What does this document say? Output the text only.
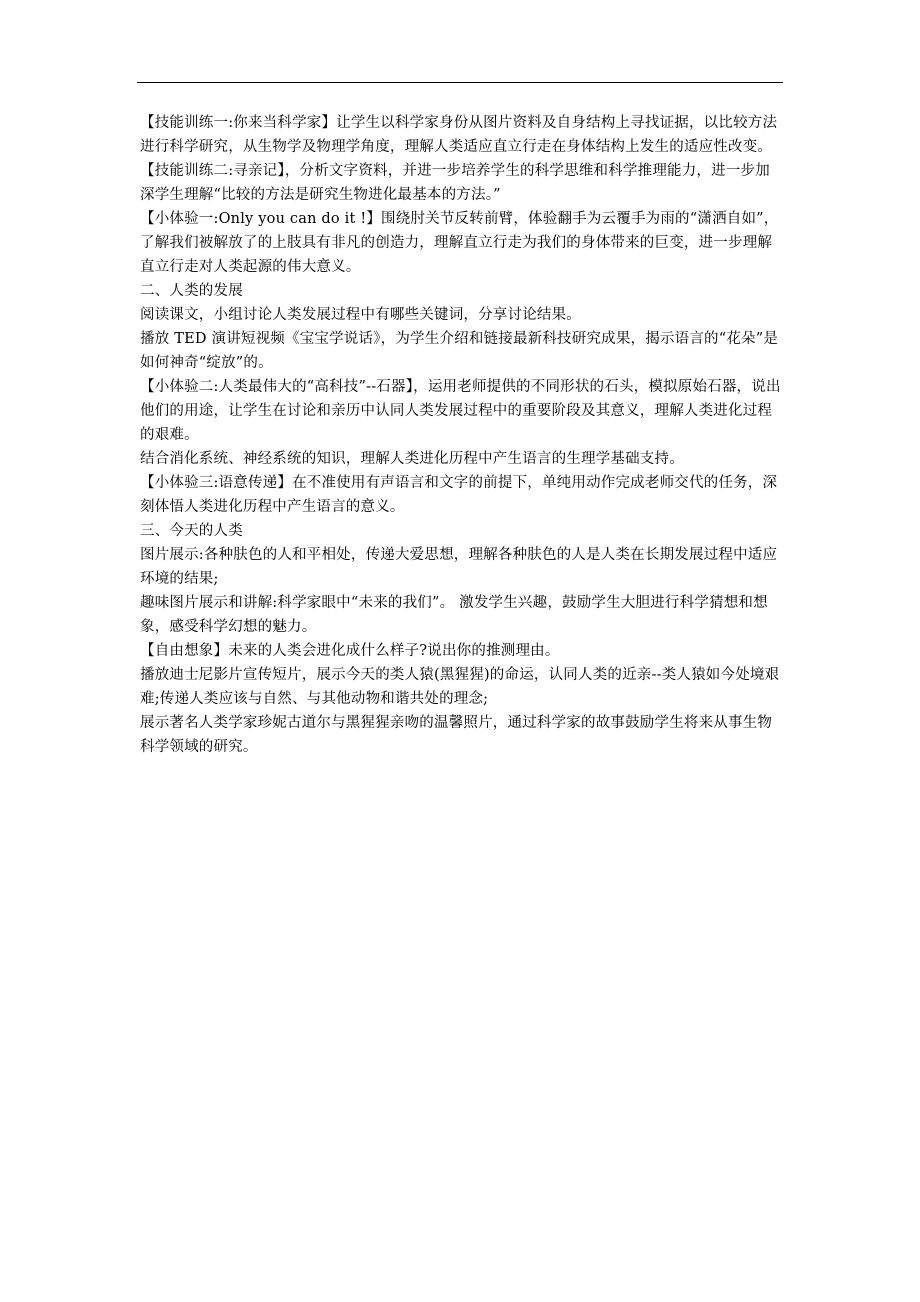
【技能训练一:你来当科学家】让学生以科学家身份从图片资料及自身结构上寻找证据，以比较方法进行科学研究，从生物学及物理学角度，理解人类适应直立行走在身体结构上发生的适应性改变。

【技能训练二:寻亲记】，分析文字资料，并进一步培养学生的科学思维和科学推理能力，进一步加深学生理解“比较的方法是研究生物进化最基本的方法。”

【小体验一:Only you can do it !】围绕肘关节反转前臂，体验翻手为云覆手为雨的“潇洒自如”，了解我们被解放了的上肢具有非凡的创造力，理解直立行走为我们的身体带来的巨变，进一步理解直立行走对人类起源的伟大意义。

二、人类的发展

阅读课文，小组讨论人类发展过程中有哪些关键词，分享讨论结果。

播放 TED 演讲短视频《宝宝学说话》，为学生介绍和链接最新科技研究成果，揭示语言的“花朵”是如何神奇“绽放”的。

【小体验二:人类最伟大的“高科技”--石器】，运用老师提供的不同形状的石头，模拟原始石器，说出他们的用途，让学生在讨论和亲历中认同人类发展过程中的重要阶段及其意义，理解人类进化过程的艰难。

结合消化系统、神经系统的知识，理解人类进化历程中产生语言的生理学基础支持。

【小体验三:语意传递】在不准使用有声语言和文字的前提下，单纯用动作完成老师交代的任务，深刻体悟人类进化历程中产生语言的意义。

三、今天的人类

图片展示:各种肤色的人和平相处，传递大爱思想，理解各种肤色的人是人类在长期发展过程中适应环境的结果;

趣味图片展示和讲解:科学家眼中“未来的我们”。 激发学生兴趣，鼓励学生大胆进行科学猜想和想象，感受科学幻想的魅力。

【自由想象】未来的人类会进化成什么样子?说出你的推测理由。

播放迪士尼影片宣传短片，展示今天的类人猿(黑猩猩)的命运，认同人类的近亲--类人猿如今处境艰难;传递人类应该与自然、与其他动物和谐共处的理念;

展示著名人类学家珍妮古道尔与黑猩猩亲吻的温馨照片，通过科学家的故事鼓励学生将来从事生物科学领域的研究。
